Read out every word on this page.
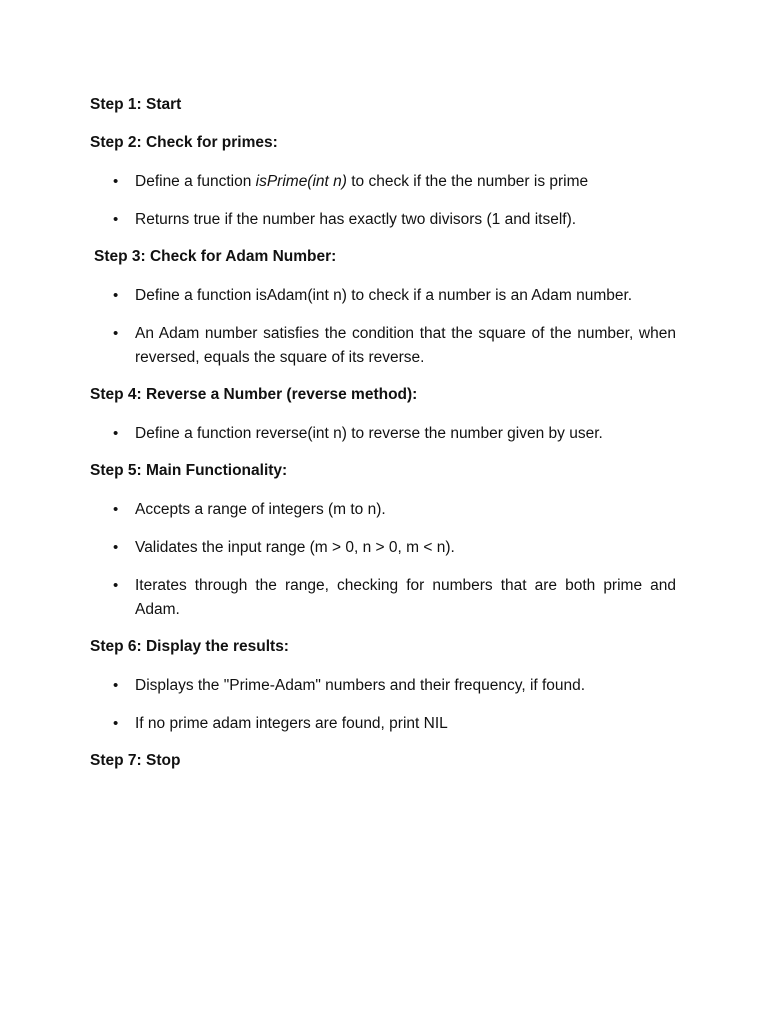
Step 1: Start

Step 2: Check for primes:

• Define a function isPrime(int n) to check if the the number is prime
• Returns true if the number has exactly two divisors (1 and itself).

Step 3: Check for Adam Number:

• Define a function isAdam(int n) to check if a number is an Adam number.
• An Adam number satisfies the condition that the square of the number, when reversed, equals the square of its reverse.

Step 4: Reverse a Number (reverse method):

• Define a function reverse(int n) to reverse the number given by user.

Step 5: Main Functionality:

• Accepts a range of integers (m to n).
• Validates the input range (m > 0, n > 0, m < n).
• Iterates through the range, checking for numbers that are both prime and Adam.

Step 6: Display the results:

• Displays the "Prime-Adam" numbers and their frequency, if found.
• If no prime adam integers are found, print NIL

Step 7: Stop
